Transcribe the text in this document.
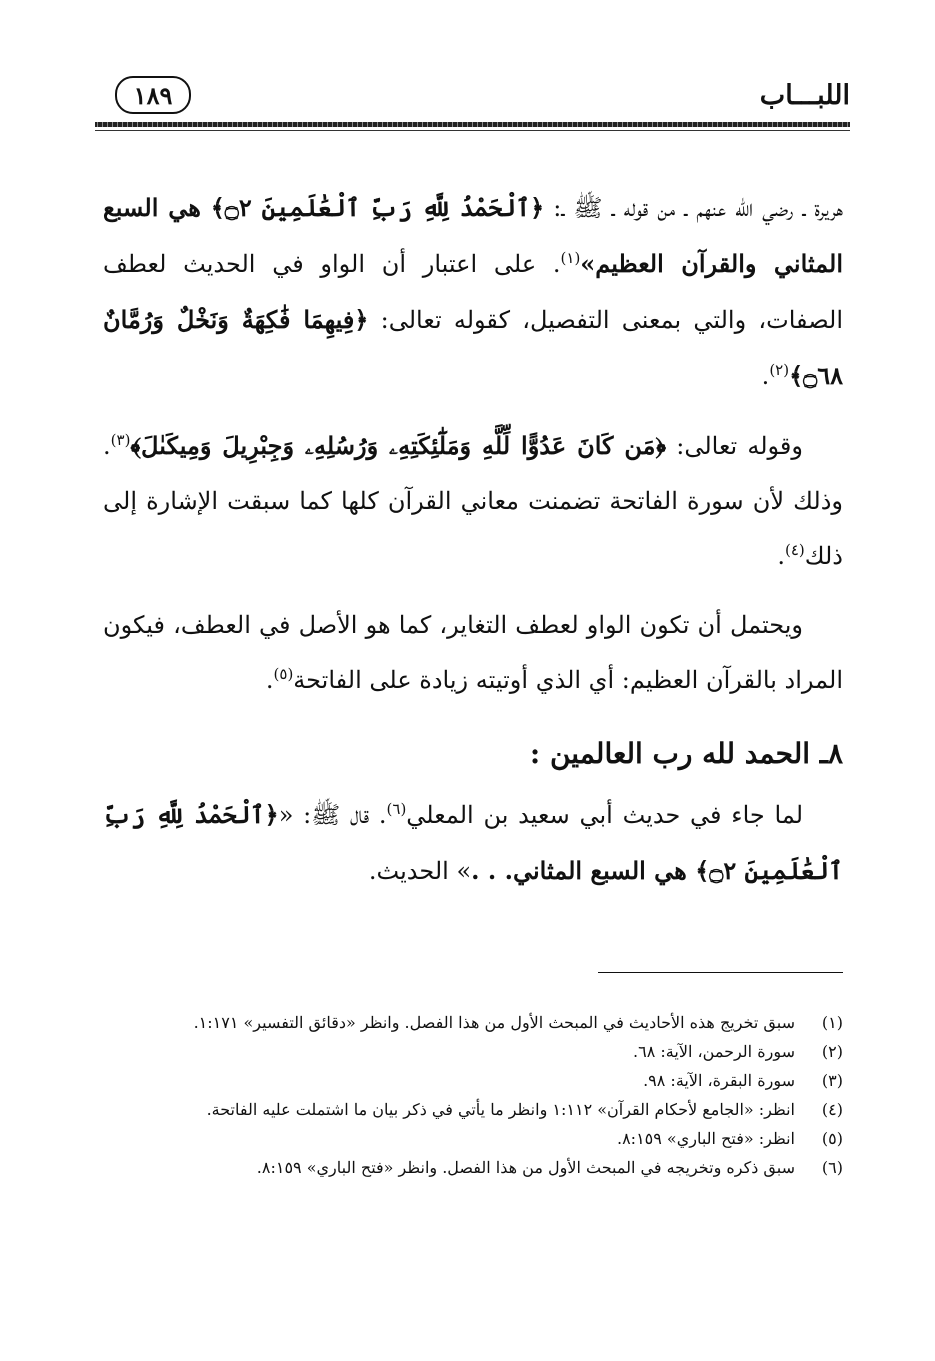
اللبـــاب
١٨٩

هريرة ـ رضي الله عنهم ـ من قوله ـ ﷺ ـ: ﴿ٱلْحَمْدُ لِلَّهِ رَبِّ ٱلْعَٰلَمِينَ ۝٢﴾ هي السبع المثاني والقرآن العظيم»$^{(١)}$. على اعتبار أن الواو في الحديث لعطف الصفات، والتي بمعنى التفصيل، كقوله تعالى: ﴿فِيهِمَا فَٰكِهَةٌ وَنَخْلٌ وَرُمَّانٌ ۝٦٨﴾$^{(٢)}$.

وقوله تعالى: ﴿مَن كَانَ عَدُوًّا لِّلَّهِ وَمَلَٰٓئِكَتِهِۦ وَرُسُلِهِۦ وَجِبْرِيلَ وَمِيكَىٰلَ﴾$^{(٣)}$. وذلك لأن سورة الفاتحة تضمنت معاني القرآن كلها كما سبقت الإشارة إلى ذلك$^{(٤)}$.

ويحتمل أن تكون الواو لعطف التغاير، كما هو الأصل في العطف، فيكون المراد بالقرآن العظيم: أي الذي أوتيته زيادة على الفاتحة$^{(٥)}$.

٨ـ الحمد لله رب العالمين :

لما جاء في حديث أبي سعيد بن المعلي$^{(٦)}$. قال ﷺ: «﴿ٱلْحَمْدُ لِلَّهِ رَبِّ ٱلْعَٰلَمِينَ ۝٢﴾ هي السبع المثاني. . .» الحديث.

(١)
سبق تخريج هذه الأحاديث في المبحث الأول من هذا الفصل. وانظر «دقائق التفسير» ١:١٧١.
(٢)
سورة الرحمن، الآية: ٦٨.
(٣)
سورة البقرة، الآية: ٩٨.
(٤)
انظر: «الجامع لأحكام القرآن» ١:١١٢ وانظر ما يأتي في ذكر بيان ما اشتملت عليه الفاتحة.
(٥)
انظر: «فتح الباري» ٨:١٥٩.
(٦)
سبق ذكره وتخريجه في المبحث الأول من هذا الفصل. وانظر «فتح الباري» ٨:١٥٩.
